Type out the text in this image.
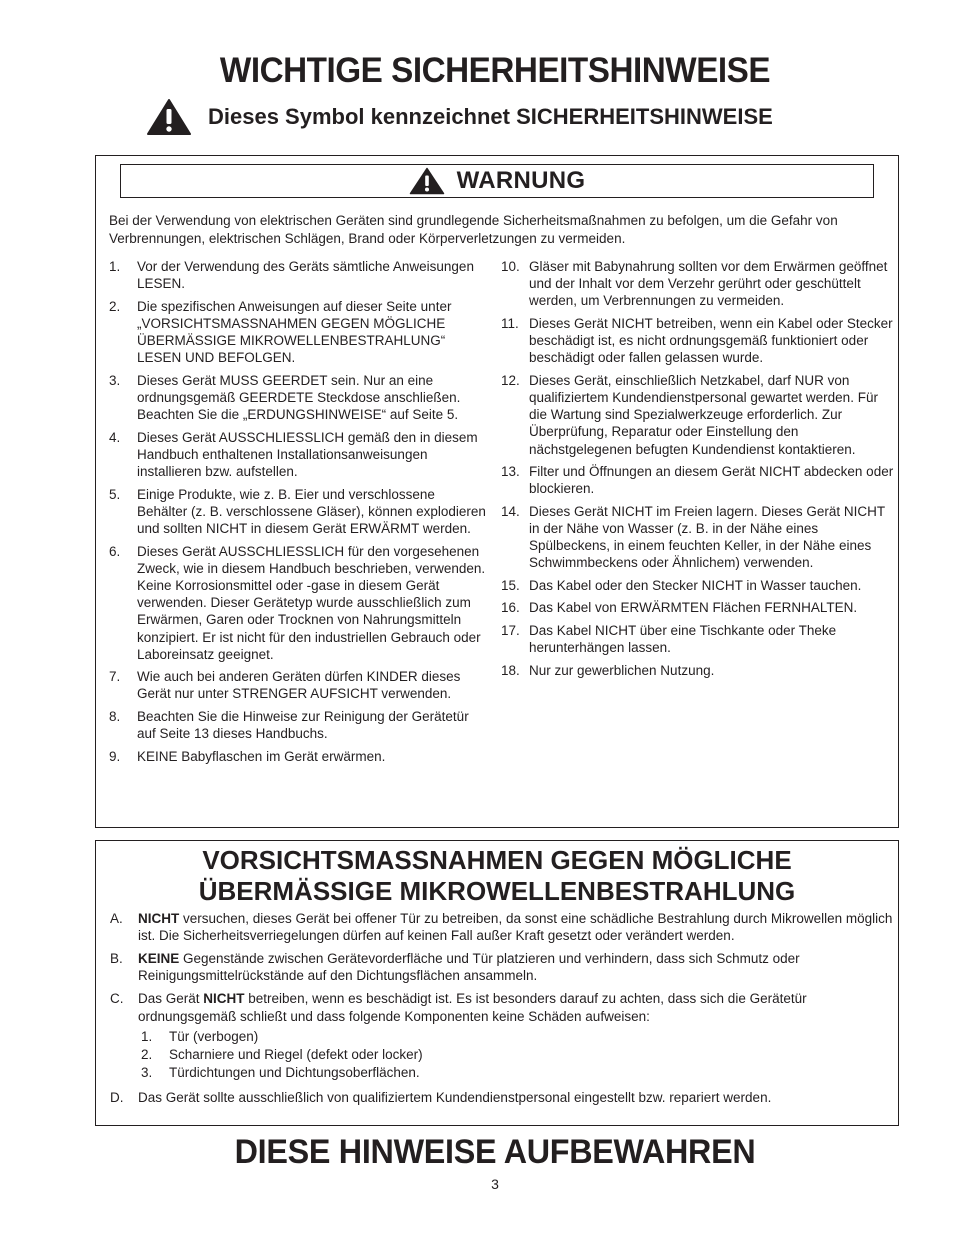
WICHTIGE SICHERHEITSHINWEISE
Dieses Symbol kennzeichnet SICHERHEITSHINWEISE
WARNUNG
Bei der Verwendung von elektrischen Geräten sind grundlegende Sicherheitsmaßnahmen zu befolgen, um die Gefahr von Verbrennungen, elektrischen Schlägen, Brand oder Körperverletzungen zu vermeiden.
1. Vor der Verwendung des Geräts sämtliche Anweisungen LESEN.
2. Die spezifischen Anweisungen auf dieser Seite unter „VORSICHTSMASSNAHMEN GEGEN MÖGLICHE ÜBERMÄSSIGE MIKROWELLENBESTRAHLUNG“ LESEN UND BEFOLGEN.
3. Dieses Gerät MUSS GEERDET sein. Nur an eine ordnungsgemäß GEERDETE Steckdose anschließen. Beachten Sie die „ERDUNGSHINWEISE“ auf Seite 5.
4. Dieses Gerät AUSSCHLIESSLICH gemäß den in diesem Handbuch enthaltenen Installationsanweisungen installieren bzw. aufstellen.
5. Einige Produkte, wie z. B. Eier und verschlossene Behälter (z. B. verschlossene Gläser), können explodieren und sollten NICHT in diesem Gerät ERWÄRMT werden.
6. Dieses Gerät AUSSCHLIESSLICH für den vorgesehenen Zweck, wie in diesem Handbuch beschrieben, verwenden. Keine Korrosionsmittel oder -gase in diesem Gerät verwenden. Dieser Gerätetyp wurde ausschließlich zum Erwärmen, Garen oder Trocknen von Nahrungsmitteln konzipiert. Er ist nicht für den industriellen Gebrauch oder Laboreinsatz geeignet.
7. Wie auch bei anderen Geräten dürfen KINDER dieses Gerät nur unter STRENGER AUFSICHT verwenden.
8. Beachten Sie die Hinweise zur Reinigung der Gerätetür auf Seite 13 dieses Handbuchs.
9. KEINE Babyflaschen im Gerät erwärmen.
10. Gläser mit Babynahrung sollten vor dem Erwärmen geöffnet und der Inhalt vor dem Verzehr gerührt oder geschüttelt werden, um Verbrennungen zu vermeiden.
11. Dieses Gerät NICHT betreiben, wenn ein Kabel oder Stecker beschädigt ist, es nicht ordnungsgemäß funktioniert oder beschädigt oder fallen gelassen wurde.
12. Dieses Gerät, einschließlich Netzkabel, darf NUR von qualifiziertem Kundendienstpersonal gewartet werden. Für die Wartung sind Spezialwerkzeuge erforderlich. Zur Überprüfung, Reparatur oder Einstellung den nächstgelegenen befugten Kundendienst kontaktieren.
13. Filter und Öffnungen an diesem Gerät NICHT abdecken oder blockieren.
14. Dieses Gerät NICHT im Freien lagern. Dieses Gerät NICHT in der Nähe von Wasser (z. B. in der Nähe eines Spülbeckens, in einem feuchten Keller, in der Nähe eines Schwimmbeckens oder Ähnlichem) verwenden.
15. Das Kabel oder den Stecker NICHT in Wasser tauchen.
16. Das Kabel von ERWÄRMTEN Flächen FERNHALTEN.
17. Das Kabel NICHT über eine Tischkante oder Theke herunterhängen lassen.
18. Nur zur gewerblichen Nutzung.
VORSICHTSMASSNAHMEN GEGEN MÖGLICHE
ÜBERMÄSSIGE MIKROWELLENBESTRAHLUNG
A. NICHT versuchen, dieses Gerät bei offener Tür zu betreiben, da sonst eine schädliche Bestrahlung durch Mikrowellen möglich ist. Die Sicherheitsverriegelungen dürfen auf keinen Fall außer Kraft gesetzt oder verändert werden.
B. KEINE Gegenstände zwischen Gerätevorderfläche und Tür platzieren und verhindern, dass sich Schmutz oder Reinigungsmittelrückstände auf den Dichtungsflächen ansammeln.
C. Das Gerät NICHT betreiben, wenn es beschädigt ist. Es ist besonders darauf zu achten, dass sich die Gerätetür ordnungsgemäß schließt und dass folgende Komponenten keine Schäden aufweisen:
1. Tür (verbogen)
2. Scharniere und Riegel (defekt oder locker)
3. Türdichtungen und Dichtungsoberflächen.
D. Das Gerät sollte ausschließlich von qualifiziertem Kundendienstpersonal eingestellt bzw. repariert werden.
DIESE HINWEISE AUFBEWAHREN
3
